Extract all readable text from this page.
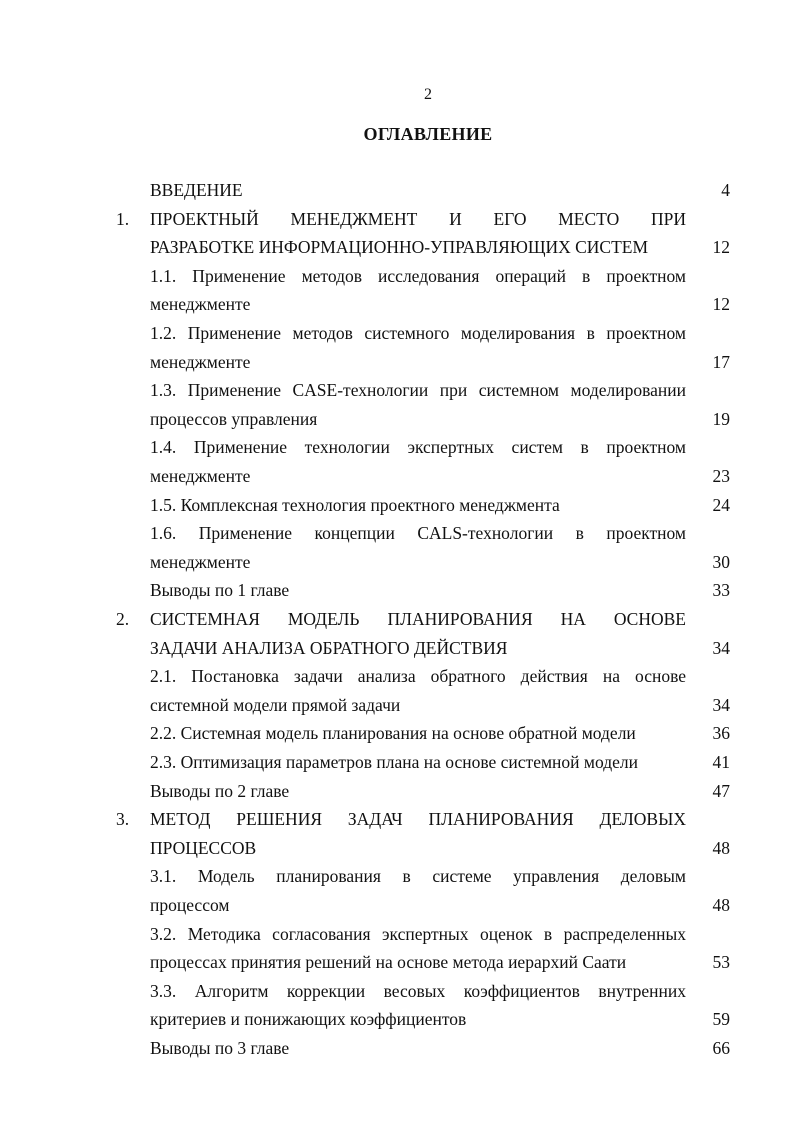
2
ОГЛАВЛЕНИЕ
ВВЕДЕНИЕ	4
1. ПРОЕКТНЫЙ МЕНЕДЖМЕНТ И ЕГО МЕСТО ПРИ
РАЗРАБОТКЕ ИНФОРМАЦИОННО-УПРАВЛЯЮЩИХ СИСТЕМ	12
1.1. Применение методов исследования операций в проектном
менеджменте	12
1.2. Применение методов системного моделирования в проектном
менеджменте	17
1.3. Применение CASE-технологии при системном моделировании
процессов управления	19
1.4. Применение технологии экспертных систем в проектном
менеджменте	23
1.5. Комплексная технология проектного менеджмента	24
1.6. Применение концепции CALS-технологии в проектном
менеджменте	30
Выводы по 1 главе	33
2. СИСТЕМНАЯ МОДЕЛЬ ПЛАНИРОВАНИЯ НА ОСНОВЕ
ЗАДАЧИ АНАЛИЗА ОБРАТНОГО ДЕЙСТВИЯ	34
2.1. Постановка задачи анализа обратного действия на основе
системной модели прямой задачи	34
2.2. Системная модель планирования на основе обратной модели	36
2.3. Оптимизация параметров плана на основе системной модели	41
Выводы по 2 главе	47
3. МЕТОД РЕШЕНИЯ ЗАДАЧ ПЛАНИРОВАНИЯ ДЕЛОВЫХ
ПРОЦЕССОВ	48
3.1. Модель планирования в системе управления деловым
процессом	48
3.2. Методика согласования экспертных оценок в распределенных
процессах принятия решений на основе метода иерархий Саати	53
3.3. Алгоритм коррекции весовых коэффициентов внутренних
критериев и понижающих коэффициентов	59
Выводы по 3 главе	66
